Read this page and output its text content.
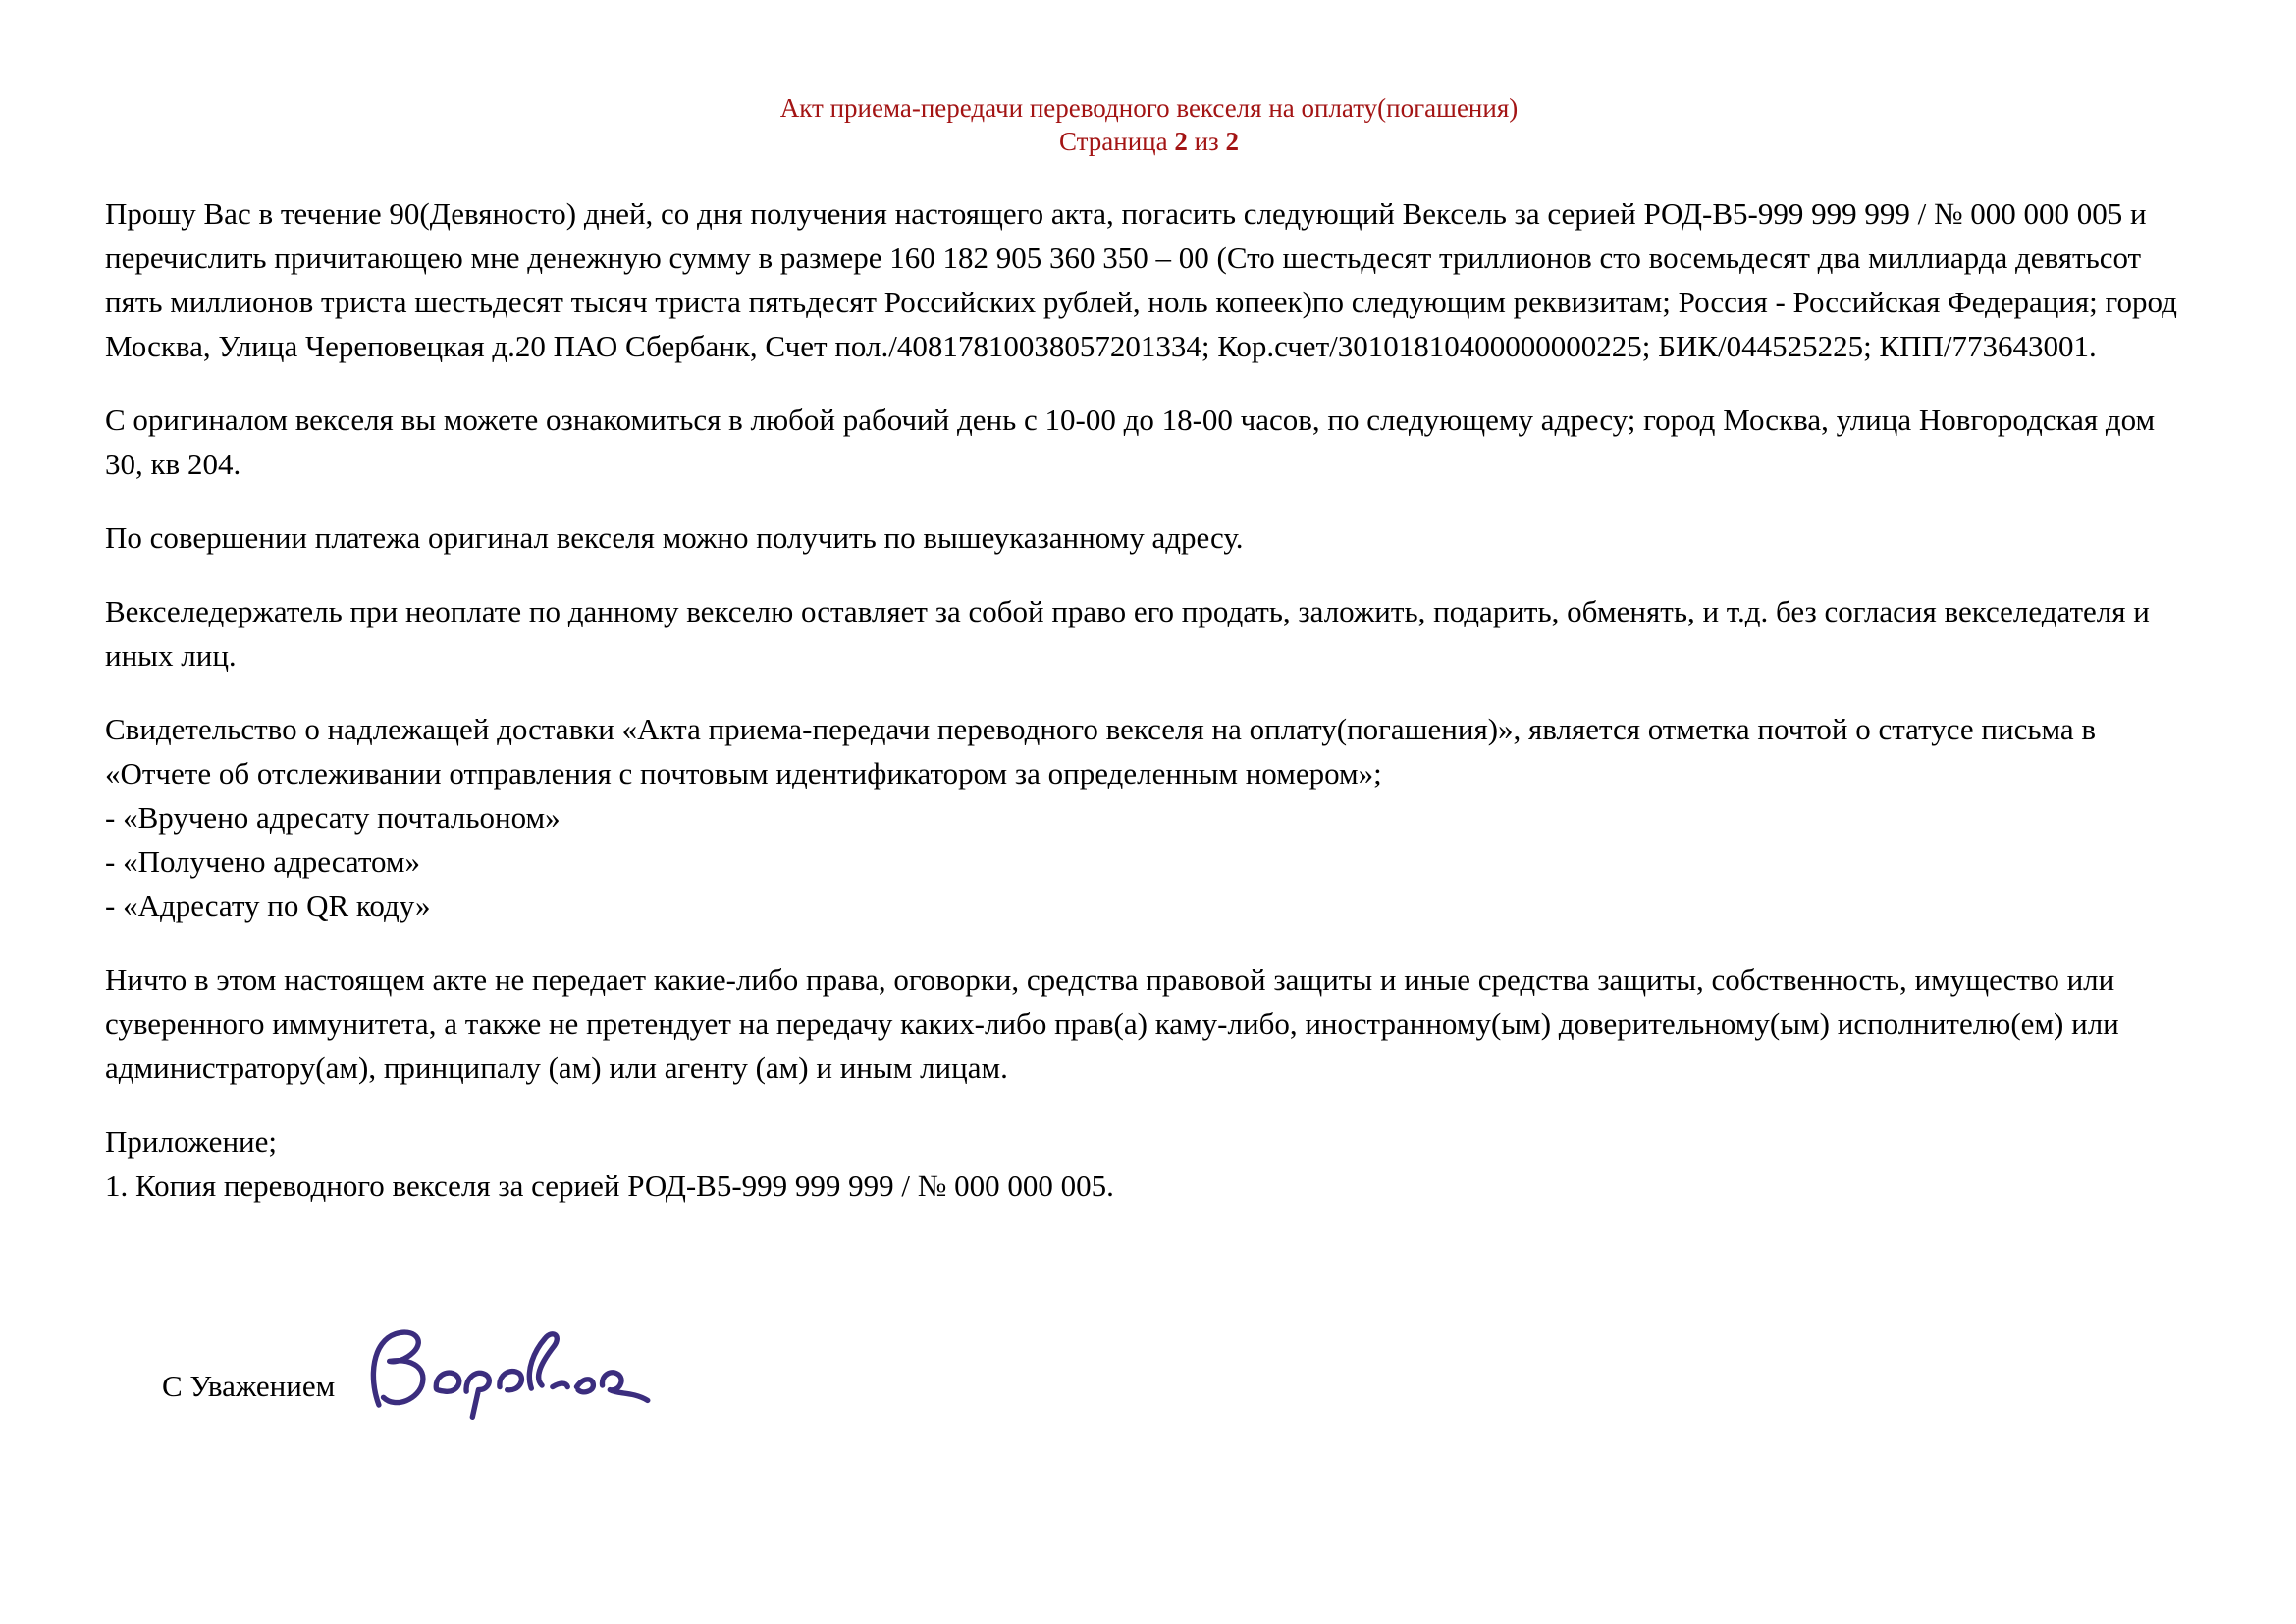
Акт приема-передачи переводного векселя на оплату(погашения)
Страница 2 из 2

Прошу Вас в течение 90(Девяносто) дней, со дня получения настоящего акта, погасить следующий Вексель за серией РОД-В5-999 999 999 / № 000 000 005 и перечислить причитающею мне денежную сумму в размере 160 182 905 360 350 – 00 (Сто шестьдесят триллионов сто восемьдесят два миллиарда девятьсот пять миллионов триста шестьдесят тысяч триста пятьдесят Российских рублей, ноль копеек)по следующим реквизитам; Россия - Российская Федерация; город Москва, Улица Череповецкая д.20 ПАО Сбербанк, Счет пол./40817810038057201334; Кор.счет/30101810400000000225; БИК/044525225; КПП/773643001.

С оригиналом векселя вы можете ознакомиться в любой рабочий день с 10-00 до 18-00 часов, по следующему адресу; город Москва, улица Новгородская дом 30, кв 204.

По совершении платежа оригинал векселя можно получить по вышеуказанному адресу.

Векселедержатель при неоплате по данному векселю оставляет за собой право его продать, заложить, подарить, обменять, и т.д. без согласия векселедателя и иных лиц.

Свидетельство о надлежащей доставки «Акта приема-передачи переводного векселя на оплату(погашения)», является отметка почтой о статусе письма в «Отчете об отслеживании отправления с почтовым идентификатором за определенным номером»;
- «Вручено адресату почтальоном»
- «Получено адресатом»
- «Адресату по QR коду»

Ничто в этом настоящем акте не передает какие-либо права, оговорки, средства правовой защиты и иные средства защиты, собственность, имущество или суверенного иммунитета, а также не претендует на передачу каких-либо прав(а) каму-либо, иностранному(ым) доверительному(ым) исполнителю(ем) или администратору(ам), принципалу (ам) или агенту (ам) и иным лицам.

Приложение;
1. Копия переводного векселя за серией РОД-В5-999 999 999 / № 000 000 005.
С Уважением
